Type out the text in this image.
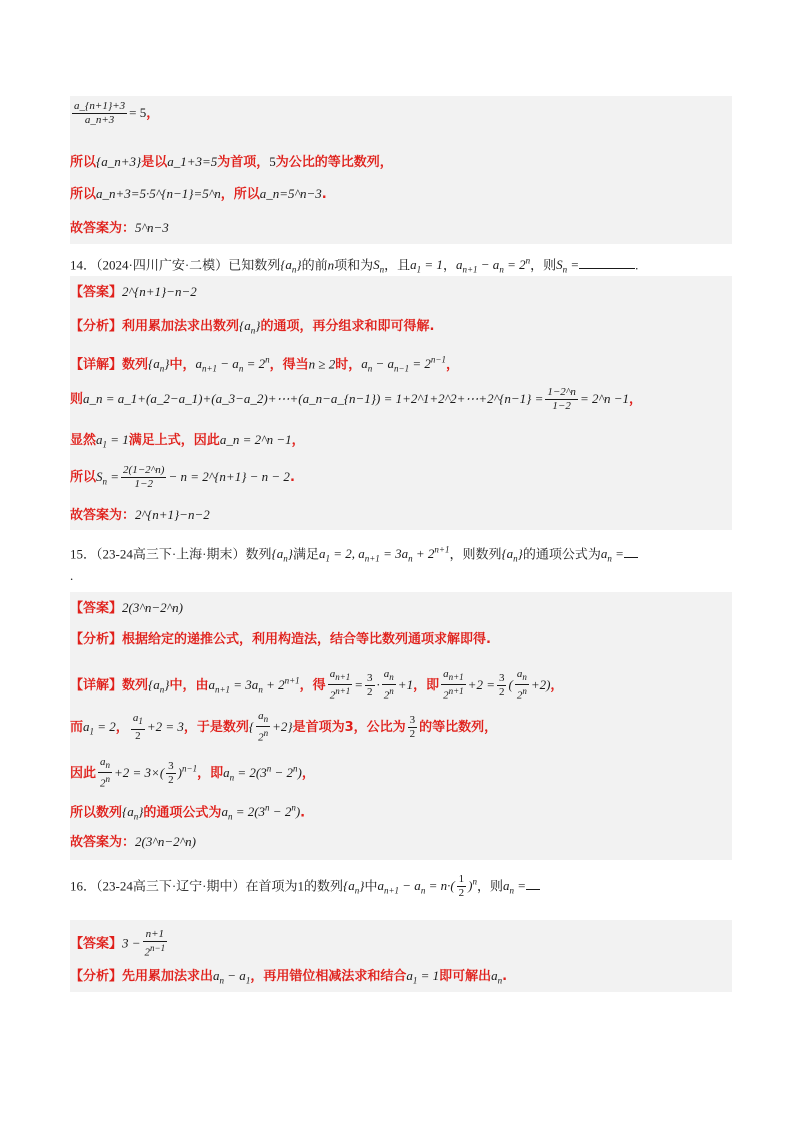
$\frac{a\_\{n+1\}+3}{a\_n+3} = 5$，
所以{a_n+3}是以a_1+3=5为首项，5为公比的等比数列，
所以a_n+3=5·5^{n−1}=5^n，所以a_n=5^n−3.
故答案为：5^n−3
14．（2024·四川广安·二模）已知数列$\{a_n\}$的前n项和为$S_n$，且$a_1 = 1$，$a_{n+1} - a_n = 2^n$，则$S_n$ =	.
【答案】2^{n+1}−n−2
【分析】利用累加法求出数列$\{a_n\}$的通项，再分组求和即可得解.
【详解】数列$\{a_n\}$中，$a_{n+1} - a_n = 2^n$，得当n ≥ 2时，$a_n - a_{n-1} = 2^{n-1}$，
则a_n = a_1+(a_2−a_1)+(a_3−a_2)+⋯+(a_n−a_{n−1}) = 1+2^1+2^2+⋯+2^{n−1} = $\frac{1-2\^{}n}{1-2}$ = 2^n −1，
显然$a_1 = 1$满足上式，因此a_n = 2^n −1，
所以$S_n = \frac{2(1-2\^{}n)}{1-2} - n$ = 2^{n+1} − n − 2.
故答案为：2^{n+1}−n−2
15．（23-24高三下·上海·期末）数列$\{a_n\}$满足$a_1 = 2$, $a_{n+1} = 3a_n + 2^{n+1}$，则数列$\{a_n\}$的通项公式为$a_n$ =
.
【答案】2(3^n−2^n)
【分析】根据给定的递推公式，利用构造法，结合等比数列通项求解即得.
【详解】数列$\{a_n\}$中，由$a_{n+1} = 3a_n + 2^{n+1}$，得 $\frac{a_{n+1}}{2^{n+1}} = \frac{3}{2} \cdot \frac{a_n}{2^n} +1$，即 $\frac{a_{n+1}}{2^{n+1}} +2 = \frac{3}{2}$ ( $\frac{a_n}{2^n} +2$)，
而$a_1 = 2$， $\frac{a_1}{2} +2 = 3$，于是数列{ $\frac{a_n}{2^n} +2$}是首项为3，公比为 $\frac{3}{2}$ 的等比数列，
因此 $\frac{a_n}{2^n} +2 = 3\times( \frac{3}{2} )^{n-1}$，即$a_n = 2(3^n - 2^n)$，
所以数列$\{a_n\}$的通项公式为$a_n = 2(3^n - 2^n)$.
故答案为：2(3^n−2^n)
16．（23-24高三下·辽宁·期中）在首项为1的数列$\{a_n\}$中$a_{n+1} - a_n = n\cdot( \frac{1}{2} )^n$，则$a_n$ =
【答案】$3 - \frac{n+1}{2^{n-1}}$
【分析】先用累加法求出$a_n - a_1$，再用错位相减法求和结合$a_1 = 1$即可解出$a_n$.
